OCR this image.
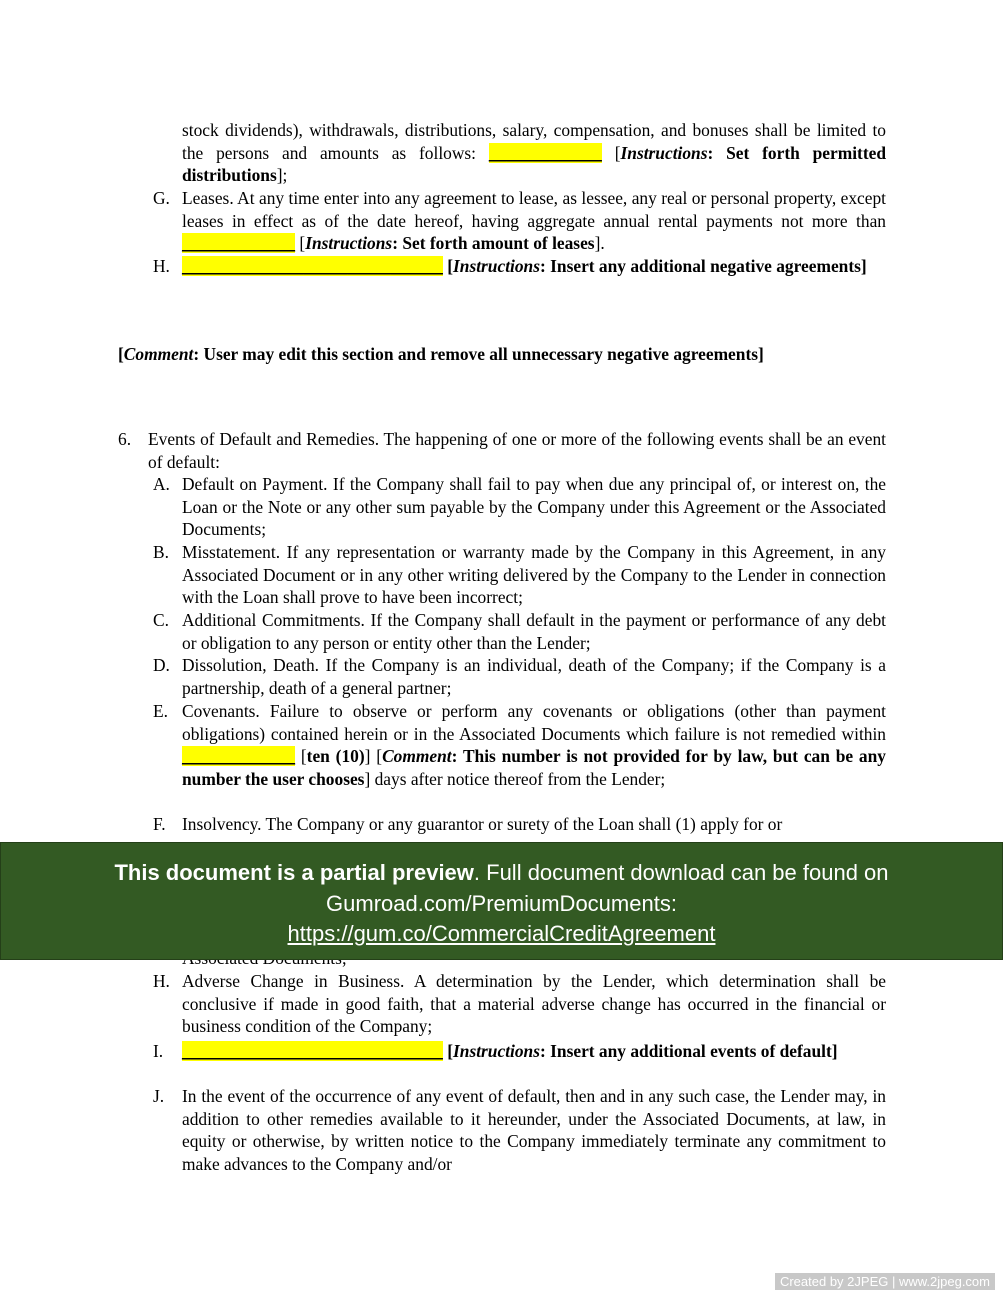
stock dividends), withdrawals, distributions, salary, compensation, and bonuses shall be limited to the persons and amounts as follows: _____________ [Instructions: Set forth permitted distributions];
G. Leases. At any time enter into any agreement to lease, as lessee, any real or personal property, except leases in effect as of the date hereof, having aggregate annual rental payments not more than _____________ [Instructions: Set forth amount of leases].
H. ______________________________ [Instructions: Insert any additional negative agreements]
[Comment: User may edit this section and remove all unnecessary negative agreements]
6. Events of Default and Remedies. The happening of one or more of the following events shall be an event of default:
A. Default on Payment. If the Company shall fail to pay when due any principal of, or interest on, the Loan or the Note or any other sum payable by the Company under this Agreement or the Associated Documents;
B. Misstatement. If any representation or warranty made by the Company in this Agreement, in any Associated Document or in any other writing delivered by the Company to the Lender in connection with the Loan shall prove to have been incorrect;
C. Additional Commitments. If the Company shall default in the payment or performance of any debt or obligation to any person or entity other than the Lender;
D. Dissolution, Death. If the Company is an individual, death of the Company; if the Company is a partnership, death of a general partner;
E. Covenants. Failure to observe or perform any covenants or obligations (other than payment obligations) contained herein or in the Associated Documents which failure is not remedied within _____________ [ten (10)] [Comment: This number is not provided for by law, but can be any number the user chooses] days after notice thereof from the Lender;
F. Insolvency. The Company or any guarantor or surety of the Loan shall (1) apply for or
H. Adverse Change in Business. A determination by the Lender, which determination shall be conclusive if made in good faith, that a material adverse change has occurred in the financial or business condition of the Company;
I. ______________________________ [Instructions: Insert any additional events of default]
J. In the event of the occurrence of any event of default, then and in any such case, the Lender may, in addition to other remedies available to it hereunder, under the Associated Documents, at law, in equity or otherwise, by written notice to the Company immediately terminate any commitment to make advances to the Company and/or
This document is a partial preview. Full document download can be found on Gumroad.com/PremiumDocuments:
https://gum.co/CommercialCreditAgreement
Created by 2JPEG | www.2jpeg.com
